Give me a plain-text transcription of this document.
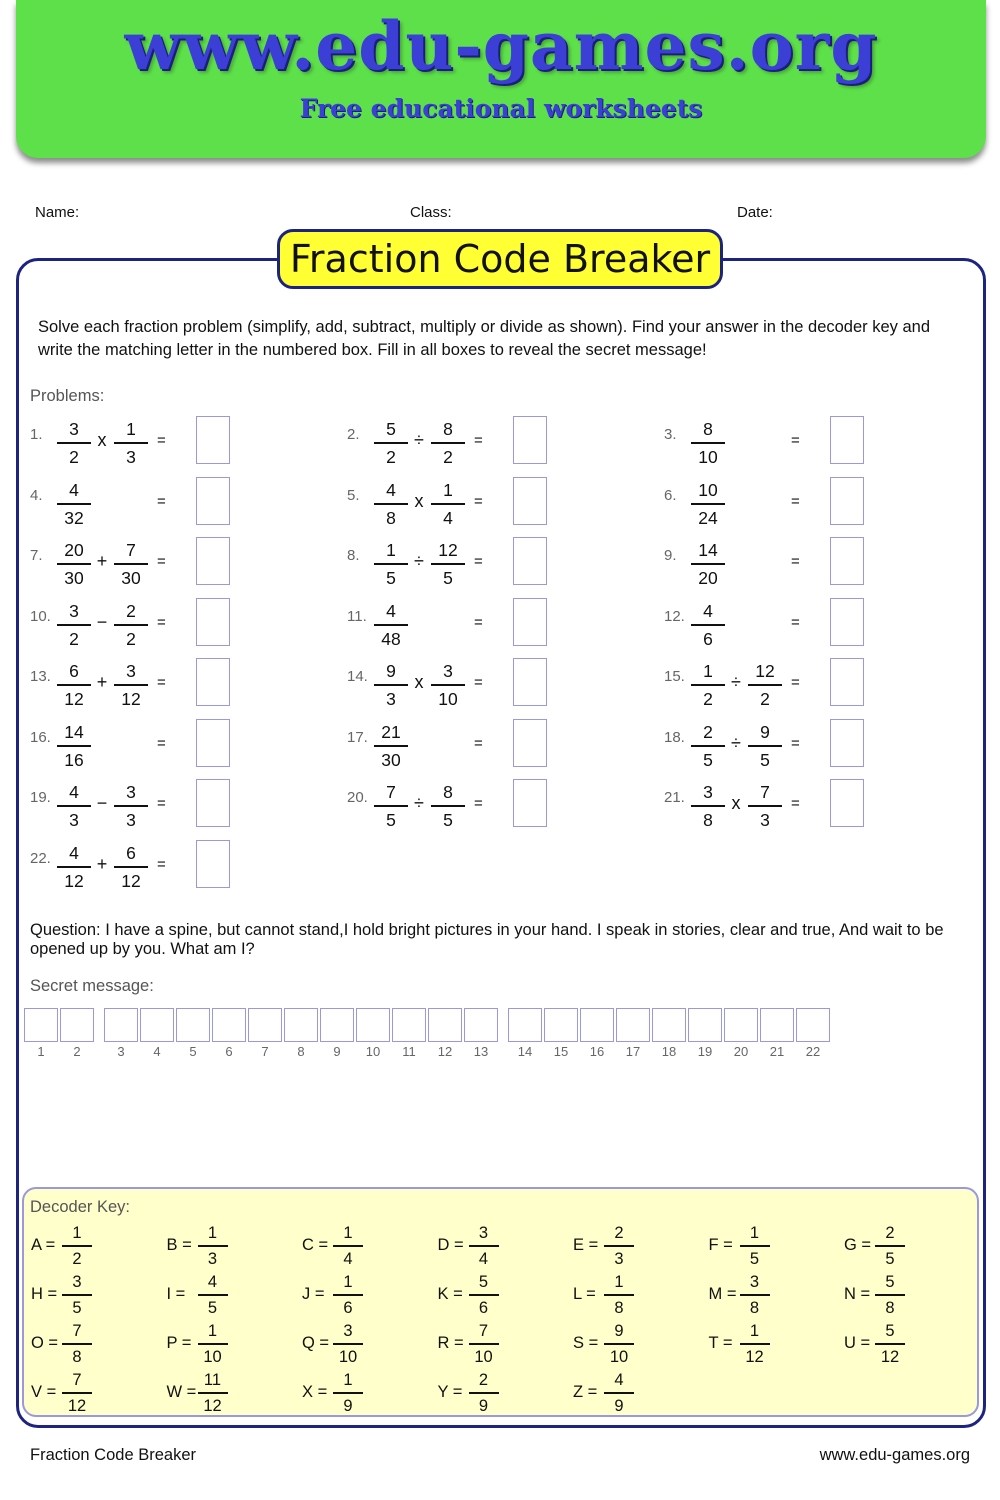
www.edu-games.org
Free educational worksheets
Name:	Class:	Date:
Fraction Code Breaker
Solve each fraction problem (simplify, add, subtract, multiply or divide as shown). Find your answer in the decoder key and write the matching letter in the numbered box. Fill in all boxes to reveal the secret message!
Problems:
1. $\frac{3}{2}$ x $\frac{1}{3}$ =	2. $\frac{5}{2} \div \frac{8}{2}$ =	3. $\frac{8}{10}$	=
4. $\frac{4}{32}$	=	5. $\frac{4}{8}$ x $\frac{1}{4}$ =	6. $\frac{10}{24}$	=
7. $\frac{20}{30} + \frac{7}{30}$ =	8. $\frac{1}{5} \div \frac{12}{5}$ =	9. $\frac{14}{20}$	=
10. $\frac{3}{2} - \frac{2}{2}$ =	11. $\frac{4}{48}$	=	12. $\frac{4}{6}$	=
13. $\frac{6}{12} + \frac{3}{12}$ =	14. $\frac{9}{3}$ x $\frac{3}{10}$ =	15. $\frac{1}{2} \div \frac{12}{2}$ =
16. $\frac{14}{16}$	=	17. $\frac{21}{30}$	=	18. $\frac{2}{5} \div \frac{9}{5}$ =
19. $\frac{4}{3} - \frac{3}{3}$ =	20. $\frac{7}{5} \div \frac{8}{5}$ =	21. $\frac{3}{8}$ x $\frac{7}{3}$ =
22. $\frac{4}{12} + \frac{6}{12}$ =
Question: I have a spine, but cannot stand,I hold bright pictures in your hand. I speak in stories, clear and true, And wait to be opened up by you. What am I?
Secret message:
1	2	3	4	5	6	7	8	9	10	11	12	13	14	15	16	17	18	19	20	21	22
Decoder Key:
$A = \frac{1}{2}$	$B = \frac{1}{3}$	$C = \frac{1}{4}$	$D = \frac{3}{4}$	$E = \frac{2}{3}$	$F = \frac{1}{5}$	$G = \frac{2}{5}$
$H = \frac{3}{5}$	$I = \frac{4}{5}$	$J = \frac{1}{6}$	$K = \frac{5}{6}$	$L = \frac{1}{8}$	$M = \frac{3}{8}$	$N = \frac{5}{8}$
$O = \frac{7}{8}$	$P = \frac{1}{10}$	$Q = \frac{3}{10}$	$R = \frac{7}{10}$	$S = \frac{9}{10}$	$T = \frac{1}{12}$	$U = \frac{5}{12}$
$V = \frac{7}{12}$	$W = \frac{11}{12}$	$X = \frac{1}{9}$	$Y = \frac{2}{9}$	$Z = \frac{4}{9}$
Fraction Code Breaker	www.edu-games.org
